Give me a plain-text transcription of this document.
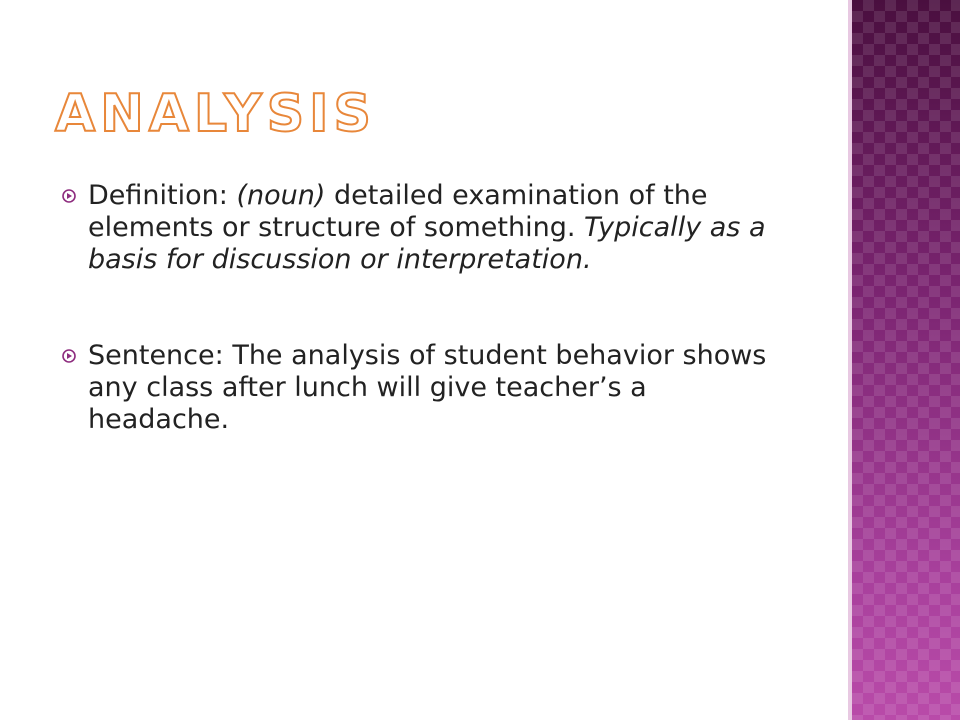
ANALYSIS
Definition: (noun) detailed examination of the elements or structure of something. Typically as a basis for discussion or interpretation.
Sentence: The analysis of student behavior shows any class after lunch will give teacher’s a headache.
